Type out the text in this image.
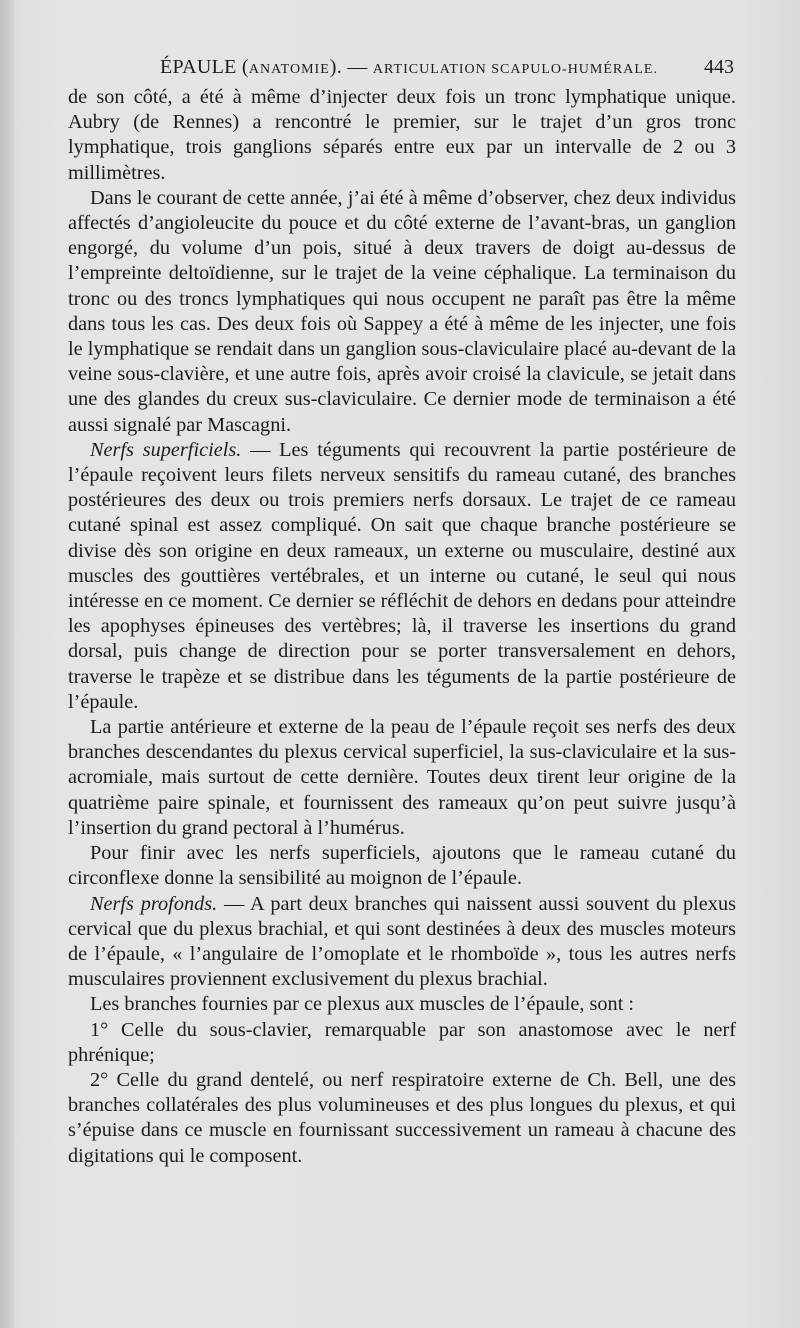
ÉPAULE (ANATOMIE). — ARTICULATION SCAPULO-HUMÉRALE. 443

de son côté, a été à même d’injecter deux fois un tronc lymphatique unique. Aubry (de Rennes) a rencontré le premier, sur le trajet d’un gros tronc lymphatique, trois ganglions séparés entre eux par un intervalle de 2 ou 3 millimètres.

Dans le courant de cette année, j’ai été à même d’observer, chez deux individus affectés d’angioleucite du pouce et du côté externe de l’avant-bras, un ganglion engorgé, du volume d’un pois, situé à deux travers de doigt au-dessus de l’empreinte deltoïdienne, sur le trajet de la veine céphalique. La terminaison du tronc ou des troncs lymphatiques qui nous occupent ne paraît pas être la même dans tous les cas. Des deux fois où Sappey a été à même de les injecter, une fois le lymphatique se rendait dans un ganglion sous-claviculaire placé au-devant de la veine sous-clavière, et une autre fois, après avoir croisé la clavicule, se jetait dans une des glandes du creux sus-claviculaire. Ce dernier mode de terminaison a été aussi signalé par Mascagni.

Nerfs superficiels. — Les téguments qui recouvrent la partie postérieure de l’épaule reçoivent leurs filets nerveux sensitifs du rameau cutané, des branches postérieures des deux ou trois premiers nerfs dorsaux. Le trajet de ce rameau cutané spinal est assez compliqué. On sait que chaque branche postérieure se divise dès son origine en deux rameaux, un externe ou musculaire, destiné aux muscles des gouttières vertébrales, et un interne ou cutané, le seul qui nous intéresse en ce moment. Ce dernier se réfléchit de dehors en dedans pour atteindre les apophyses épineuses des vertèbres; là, il traverse les insertions du grand dorsal, puis change de direction pour se porter transversalement en dehors, traverse le trapèze et se distribue dans les téguments de la partie postérieure de l’épaule.

La partie antérieure et externe de la peau de l’épaule reçoit ses nerfs des deux branches descendantes du plexus cervical superficiel, la sus-claviculaire et la sus-acromiale, mais surtout de cette dernière. Toutes deux tirent leur origine de la quatrième paire spinale, et fournissent des rameaux qu’on peut suivre jusqu’à l’insertion du grand pectoral à l’humérus.

Pour finir avec les nerfs superficiels, ajoutons que le rameau cutané du circonflexe donne la sensibilité au moignon de l’épaule.

Nerfs profonds. — A part deux branches qui naissent aussi souvent du plexus cervical que du plexus brachial, et qui sont destinées à deux des muscles moteurs de l’épaule, « l’angulaire de l’omoplate et le rhomboïde », tous les autres nerfs musculaires proviennent exclusivement du plexus brachial.

Les branches fournies par ce plexus aux muscles de l’épaule, sont :

1° Celle du sous-clavier, remarquable par son anastomose avec le nerf phrénique;

2° Celle du grand dentelé, ou nerf respiratoire externe de Ch. Bell, une des branches collatérales des plus volumineuses et des plus longues du plexus, et qui s’épuise dans ce muscle en fournissant successivement un rameau à chacune des digitations qui le composent.
